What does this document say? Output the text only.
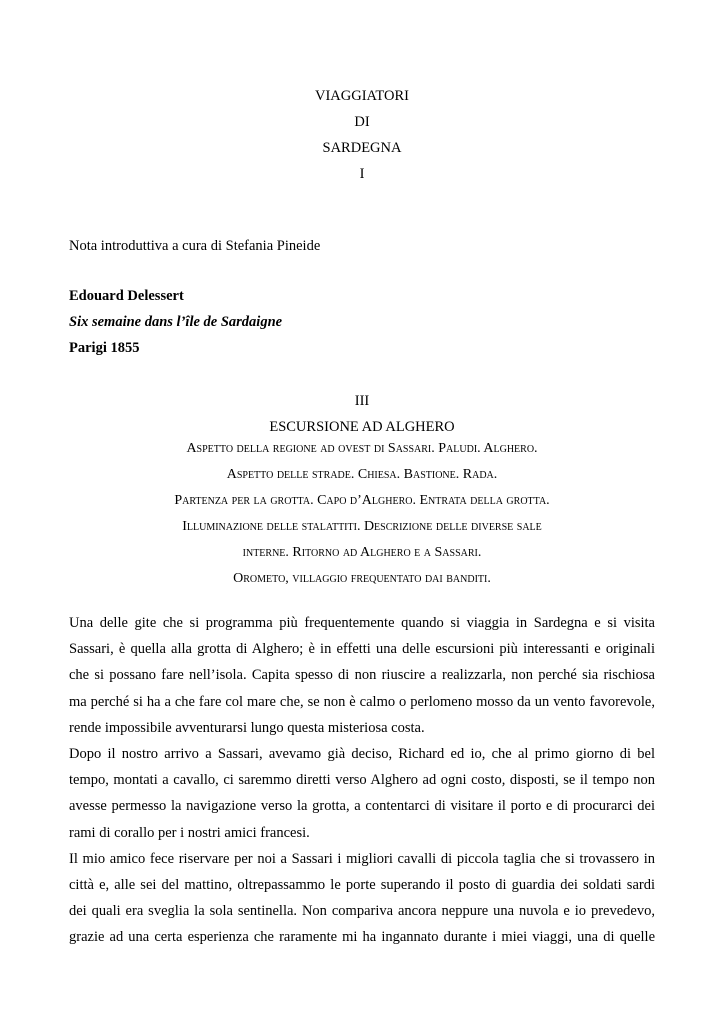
VIAGGIATORI
DI
SARDEGNA
I
Nota introduttiva a cura di Stefania Pineide
Edouard Delessert
Six semaine dans l’île de Sardaigne
Parigi 1855
III
ESCURSIONE AD ALGHERO
Aspetto della regione ad ovest di Sassari. Paludi. Alghero.
Aspetto delle strade. Chiesa. Bastione. Rada.
Partenza per la grotta. Capo d’Alghero. Entrata della grotta.
Illuminazione delle stalattiti. Descrizione delle diverse sale
interne. Ritorno ad Alghero e a Sassari.
Orometo, villaggio frequentato dai banditi.
Una delle gite che si programma più frequentemente quando si viaggia in Sardegna e si visita
Sassari, è quella alla grotta di Alghero; è in effetti una delle escursioni più interessanti e originali
che si possano fare nell’isola. Capita spesso di non riuscire a realizzarla, non perché sia rischiosa
ma perché si ha a che fare col mare che, se non è calmo o perlomeno mosso da un vento favorevole,
rende impossibile avventurarsi lungo questa misteriosa costa.
Dopo il nostro arrivo a Sassari, avevamo già deciso, Richard ed io, che al primo giorno di bel
tempo, montati a cavallo, ci saremmo diretti verso Alghero ad ogni costo, disposti, se il tempo non
avesse permesso la navigazione verso la grotta, a contentarci di visitare il porto e di procurarci dei
rami di corallo per i nostri amici francesi.
Il mio amico fece riservare per noi a Sassari i migliori cavalli di piccola taglia che si trovassero in
città e, alle sei del mattino, oltrepassammo le porte superando il posto di guardia dei soldati sardi
dei quali era sveglia la sola sentinella. Non compariva ancora neppure una nuvola e io prevedevo,
grazie ad una certa esperienza che raramente mi ha ingannato durante i miei viaggi, una di quelle
